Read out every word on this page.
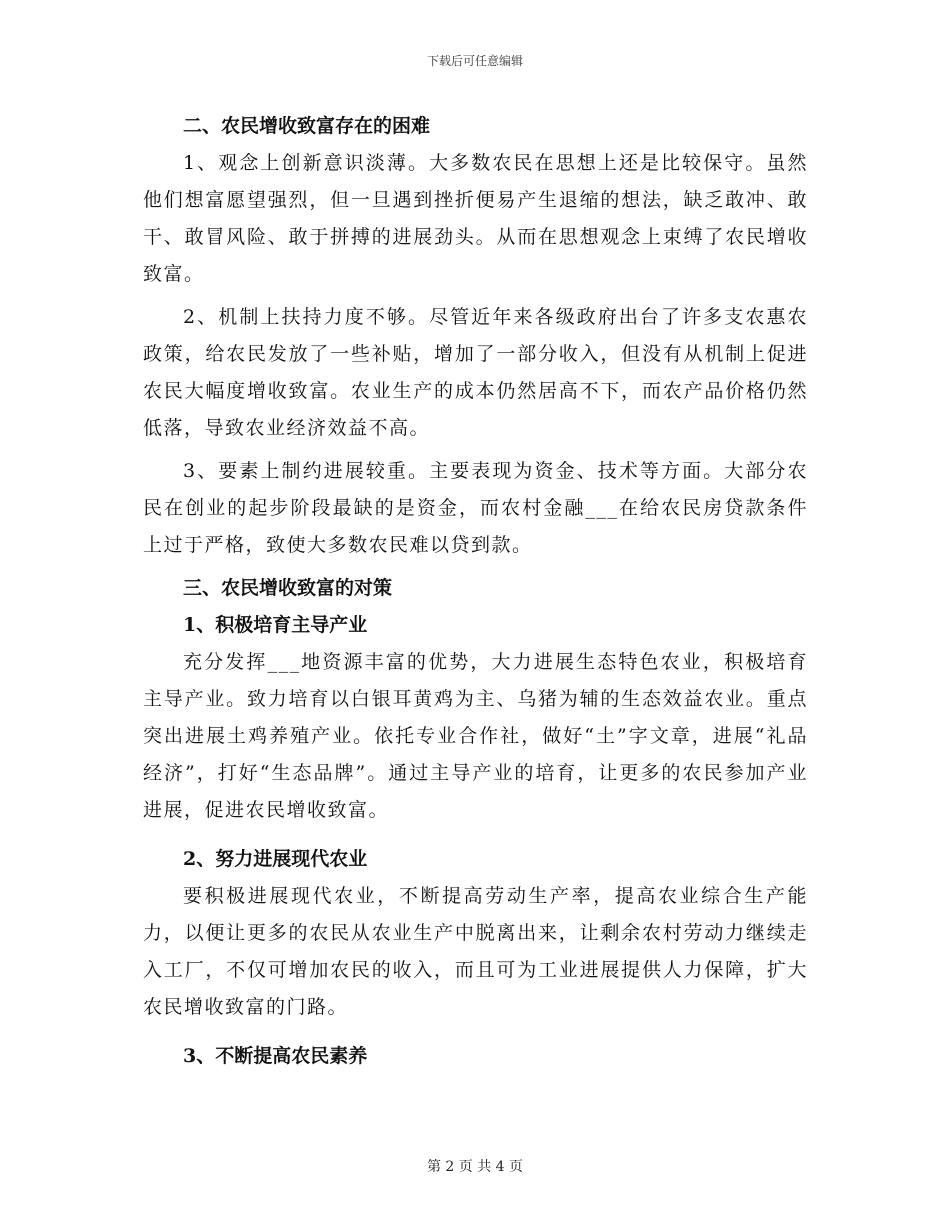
下载后可任意编辑
二、农民增收致富存在的困难

1、观念上创新意识淡薄。大多数农民在思想上还是比较保守。虽然他们想富愿望强烈，但一旦遇到挫折便易产生退缩的想法，缺乏敢冲、敢干、敢冒风险、敢于拼搏的进展劲头。从而在思想观念上束缚了农民增收致富。

2、机制上扶持力度不够。尽管近年来各级政府出台了许多支农惠农政策，给农民发放了一些补贴，增加了一部分收入，但没有从机制上促进农民大幅度增收致富。农业生产的成本仍然居高不下，而农产品价格仍然低落，导致农业经济效益不高。

3、要素上制约进展较重。主要表现为资金、技术等方面。大部分农民在创业的起步阶段最缺的是资金，而农村金融___在给农民房贷款条件上过于严格，致使大多数农民难以贷到款。

三、农民增收致富的对策
1、积极培育主导产业

充分发挥___地资源丰富的优势，大力进展生态特色农业，积极培育主导产业。致力培育以白银耳黄鸡为主、乌猪为辅的生态效益农业。重点突出进展土鸡养殖产业。依托专业合作社，做好“土”字文章，进展“礼品经济”，打好“生态品牌”。通过主导产业的培育，让更多的农民参加产业进展，促进农民增收致富。

2、努力进展现代农业

要积极进展现代农业，不断提高劳动生产率，提高农业综合生产能力，以便让更多的农民从农业生产中脱离出来，让剩余农村劳动力继续走入工厂，不仅可增加农民的收入，而且可为工业进展提供人力保障，扩大农民增收致富的门路。

3、不断提高农民素养
第 2 页 共 4 页
